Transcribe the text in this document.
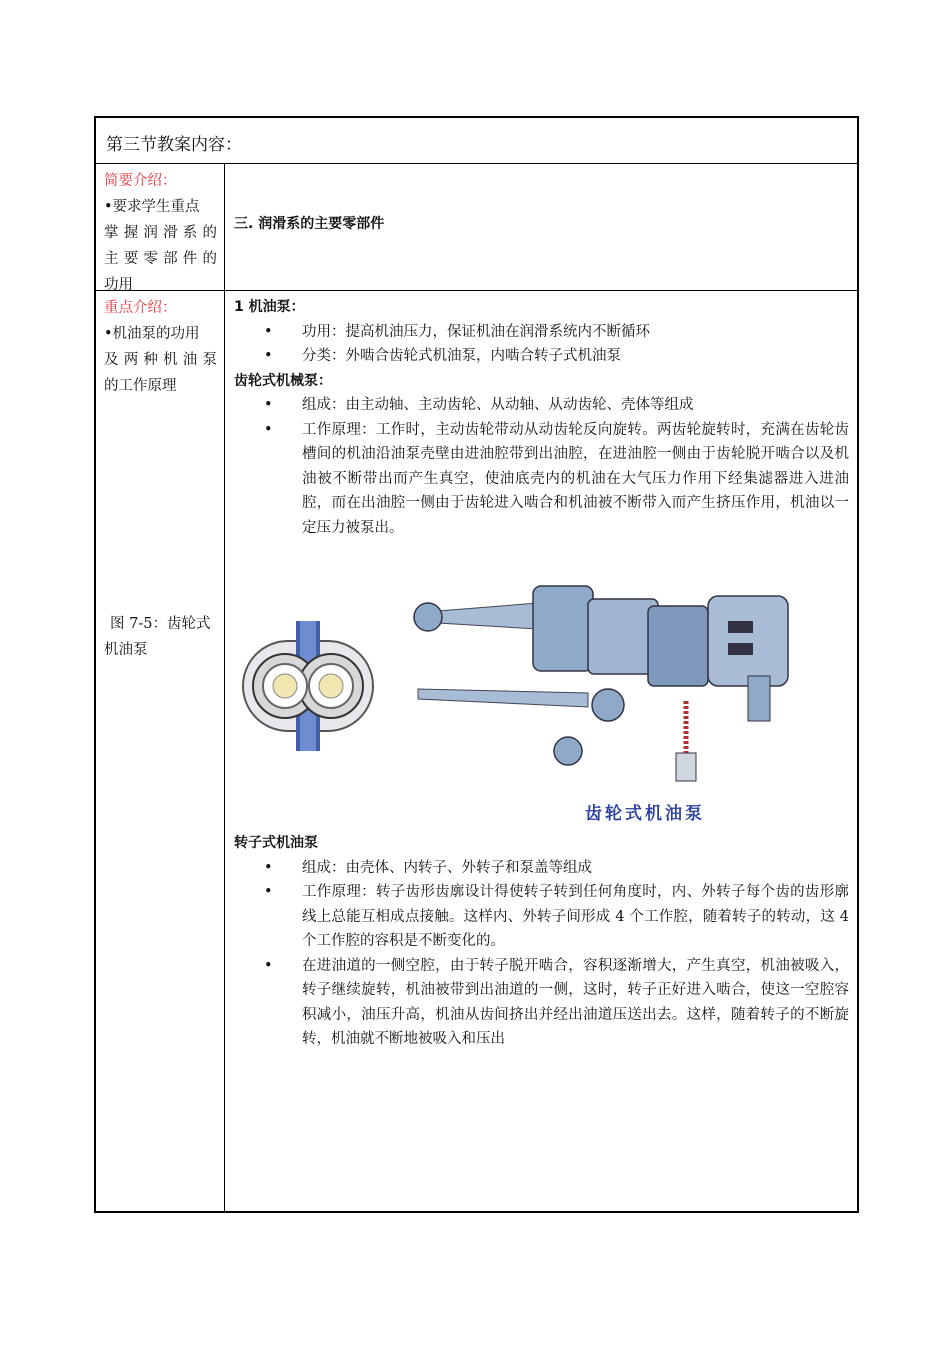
第三节教案内容：
简要介绍：
•要求学生重点
掌握润滑系的
主要零部件的
功用
三. 润滑系的主要零部件
重点介绍：
•机油泵的功用
及两种机油泵
的工作原理
图 7-5：齿轮式
机油泵
1 机油泵：
• 功用：提高机油压力，保证机油在润滑系统内不断循环
• 分类：外啮合齿轮式机油泵，内啮合转子式机油泵
齿轮式机械泵：
• 组成：由主动轴、主动齿轮、从动轴、从动齿轮、壳体等组成
• 工作原理：工作时，主动齿轮带动从动齿轮反向旋转。两齿轮旋转时，充满在齿轮齿槽间的机油沿油泵壳壁由进油腔带到出油腔，在进油腔一侧由于齿轮脱开啮合以及机油被不断带出而产生真空，使油底壳内的机油在大气压力作用下经集滤器进入进油腔，而在出油腔一侧由于齿轮进入啮合和机油被不断带入而产生挤压作用，机油以一定压力被泵出。
齿轮式机油泵
转子式机油泵
• 组成：由壳体、内转子、外转子和泵盖等组成
• 工作原理：转子齿形齿廓设计得使转子转到任何角度时，内、外转子每个齿的齿形廓线上总能互相成点接触。这样内、外转子间形成 4 个工作腔，随着转子的转动，这 4 个工作腔的容积是不断变化的。
• 在进油道的一侧空腔，由于转子脱开啮合，容积逐渐增大，产生真空，机油被吸入，转子继续旋转，机油被带到出油道的一侧，这时，转子正好进入啮合，使这一空腔容积减小，油压升高，机油从齿间挤出并经出油道压送出去。这样，随着转子的不断旋转，机油就不断地被吸入和压出
